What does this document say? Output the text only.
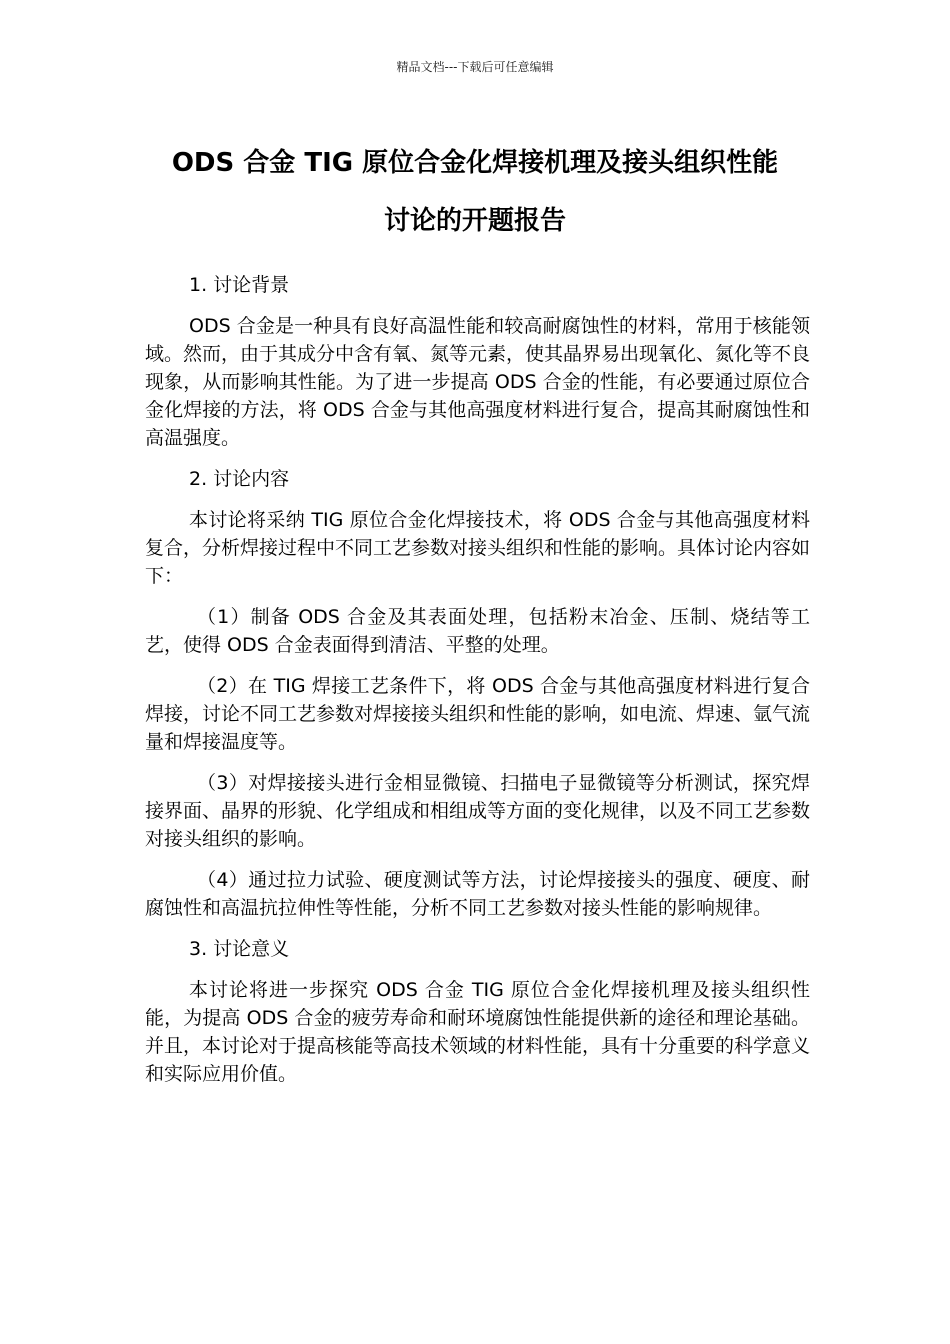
精品文档---下载后可任意编辑
ODS 合金 TIG 原位合金化焊接机理及接头组织性能
讨论的开题报告

1. 讨论背景

ODS 合金是一种具有良好高温性能和较高耐腐蚀性的材料，常用于核能领域。然而，由于其成分中含有氧、氮等元素，使其晶界易出现氧化、氮化等不良现象，从而影响其性能。为了进一步提高 ODS 合金的性能，有必要通过原位合金化焊接的方法，将 ODS 合金与其他高强度材料进行复合，提高其耐腐蚀性和高温强度。

2. 讨论内容

本讨论将采纳 TIG 原位合金化焊接技术，将 ODS 合金与其他高强度材料复合，分析焊接过程中不同工艺参数对接头组织和性能的影响。具体讨论内容如下：

（1）制备 ODS 合金及其表面处理，包括粉末冶金、压制、烧结等工艺，使得 ODS 合金表面得到清洁、平整的处理。

（2）在 TIG 焊接工艺条件下，将 ODS 合金与其他高强度材料进行复合焊接，讨论不同工艺参数对焊接接头组织和性能的影响，如电流、焊速、氩气流量和焊接温度等。

（3）对焊接接头进行金相显微镜、扫描电子显微镜等分析测试，探究焊接界面、晶界的形貌、化学组成和相组成等方面的变化规律，以及不同工艺参数对接头组织的影响。

（4）通过拉力试验、硬度测试等方法，讨论焊接接头的强度、硬度、耐腐蚀性和高温抗拉伸性等性能，分析不同工艺参数对接头性能的影响规律。

3. 讨论意义

本讨论将进一步探究 ODS 合金 TIG 原位合金化焊接机理及接头组织性能，为提高 ODS 合金的疲劳寿命和耐环境腐蚀性能提供新的途径和理论基础。并且，本讨论对于提高核能等高技术领域的材料性能，具有十分重要的科学意义和实际应用价值。
